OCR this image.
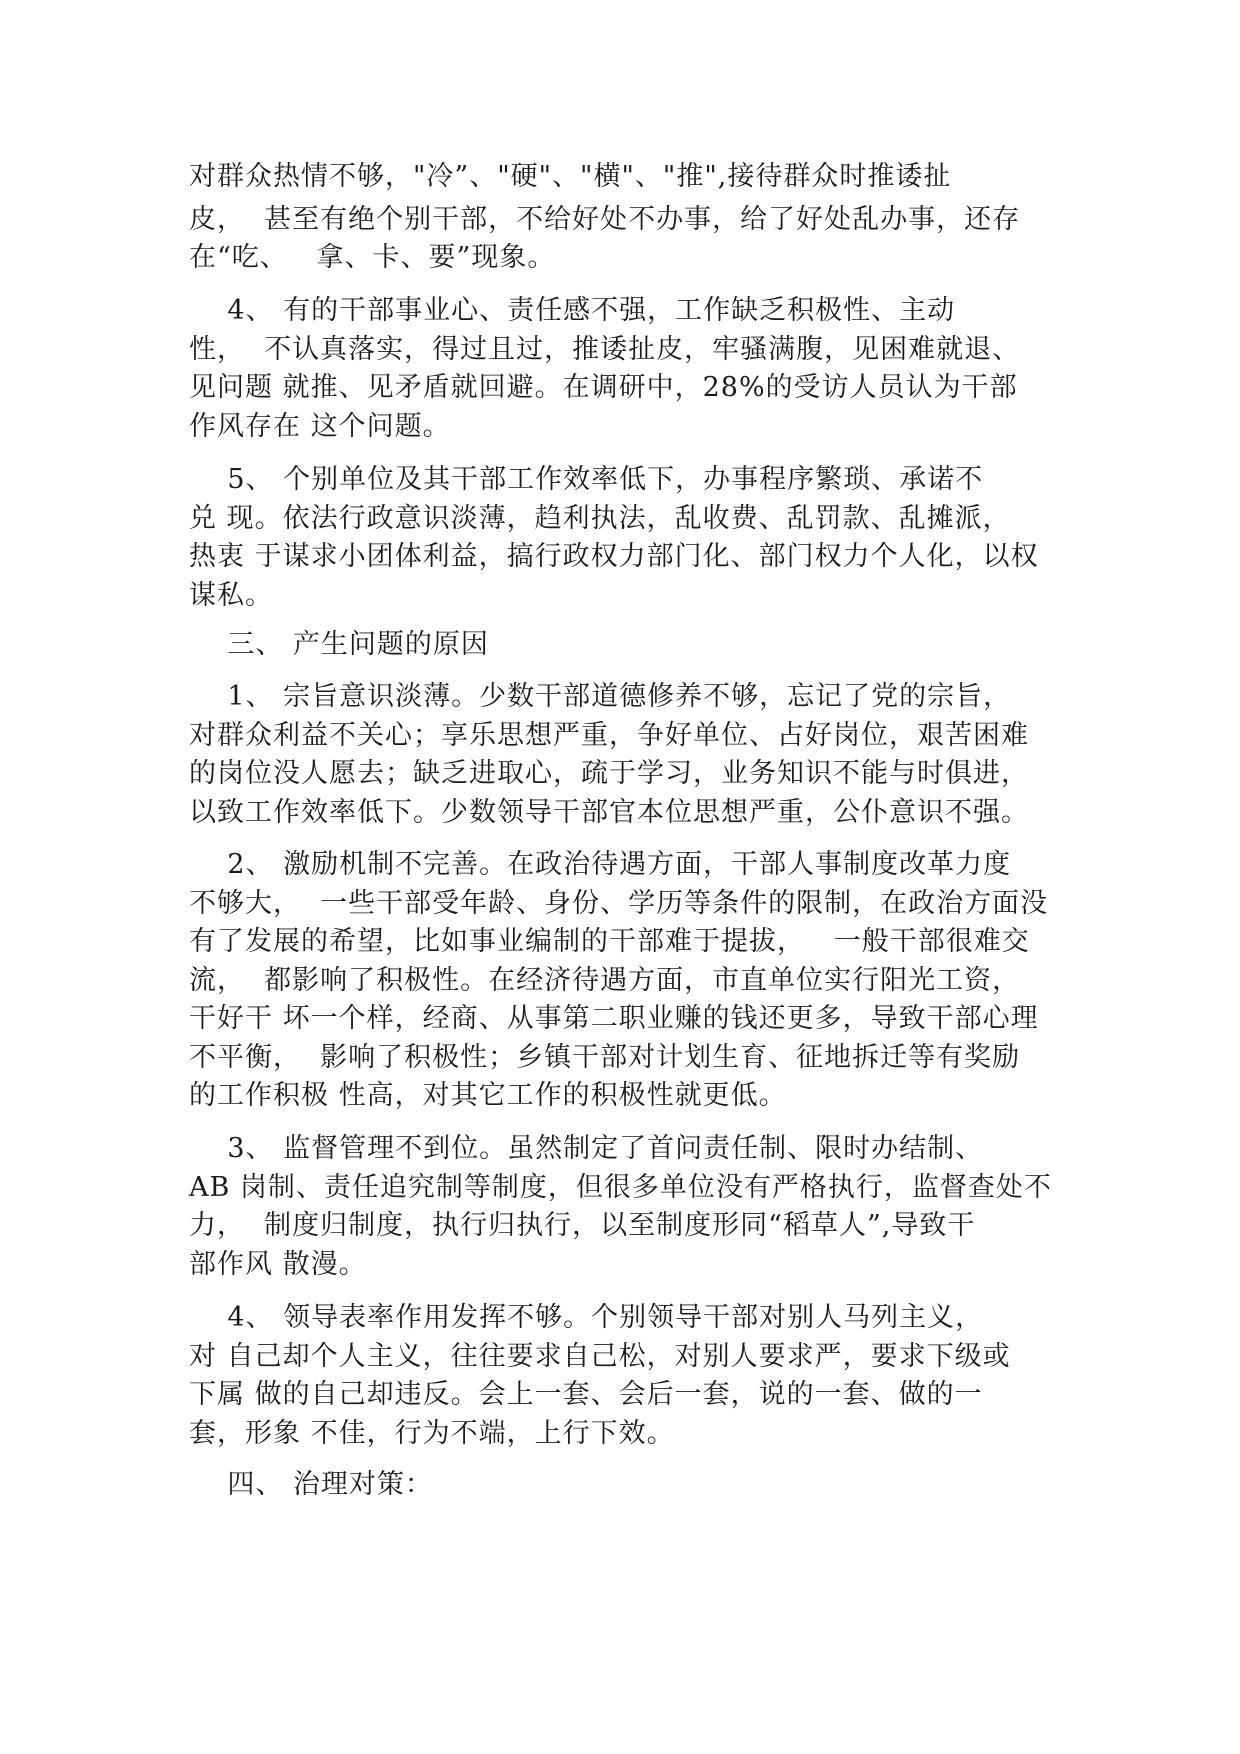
对群众热情不够，"冷”、"硬"、"横"、"推",接待群众时推诿扯
皮，  甚至有绝个别干部，不给好处不办事，给了好处乱办事，还存
在“吃、   拿、卡、要”现象。
4、 有的干部事业心、责任感不强，工作缺乏积极性、主动
性，  不认真落实，得过且过，推诿扯皮，牢骚满腹，见困难就退、
见问题 就推、见矛盾就回避。在调研中，28%的受访人员认为干部
作风存在 这个问题。
5、 个别单位及其干部工作效率低下，办事程序繁琐、承诺不
兑 现。依法行政意识淡薄，趋利执法，乱收费、乱罚款、乱摊派，
热衷 于谋求小团体利益，搞行政权力部门化、部门权力个人化，以权
谋私。
三、 产生问题的原因
1、 宗旨意识淡薄。少数干部道德修养不够，忘记了党的宗旨，
对群众利益不关心；享乐思想严重，争好单位、占好岗位，艰苦困难
的岗位没人愿去；缺乏进取心，疏于学习，业务知识不能与时俱进，
以致工作效率低下。少数领导干部官本位思想严重，公仆意识不强。
2、 激励机制不完善。在政治待遇方面，干部人事制度改革力度
不够大，  一些干部受年龄、身份、学历等条件的限制，在政治方面没
有了发展的希望，比如事业编制的干部难于提拔，   一般干部很难交
流，  都影响了积极性。在经济待遇方面，市直单位实行阳光工资，
干好干 坏一个样，经商、从事第二职业赚的钱还更多，导致干部心理
不平衡，  影响了积极性；乡镇干部对计划生育、征地拆迁等有奖励
的工作积极 性高，对其它工作的积极性就更低。
3、 监督管理不到位。虽然制定了首问责任制、限时办结制、
AB 岗制、责任追究制等制度，但很多单位没有严格执行，监督查处不
力，  制度归制度，执行归执行，以至制度形同“稻草人”,导致干
部作风 散漫。
4、 领导表率作用发挥不够。个别领导干部对别人马列主义，
对 自己却个人主义，往往要求自己松，对别人要求严，要求下级或
下属 做的自己却违反。会上一套、会后一套，说的一套、做的一
套，形象 不佳，行为不端，上行下效。
四、 治理对策：
